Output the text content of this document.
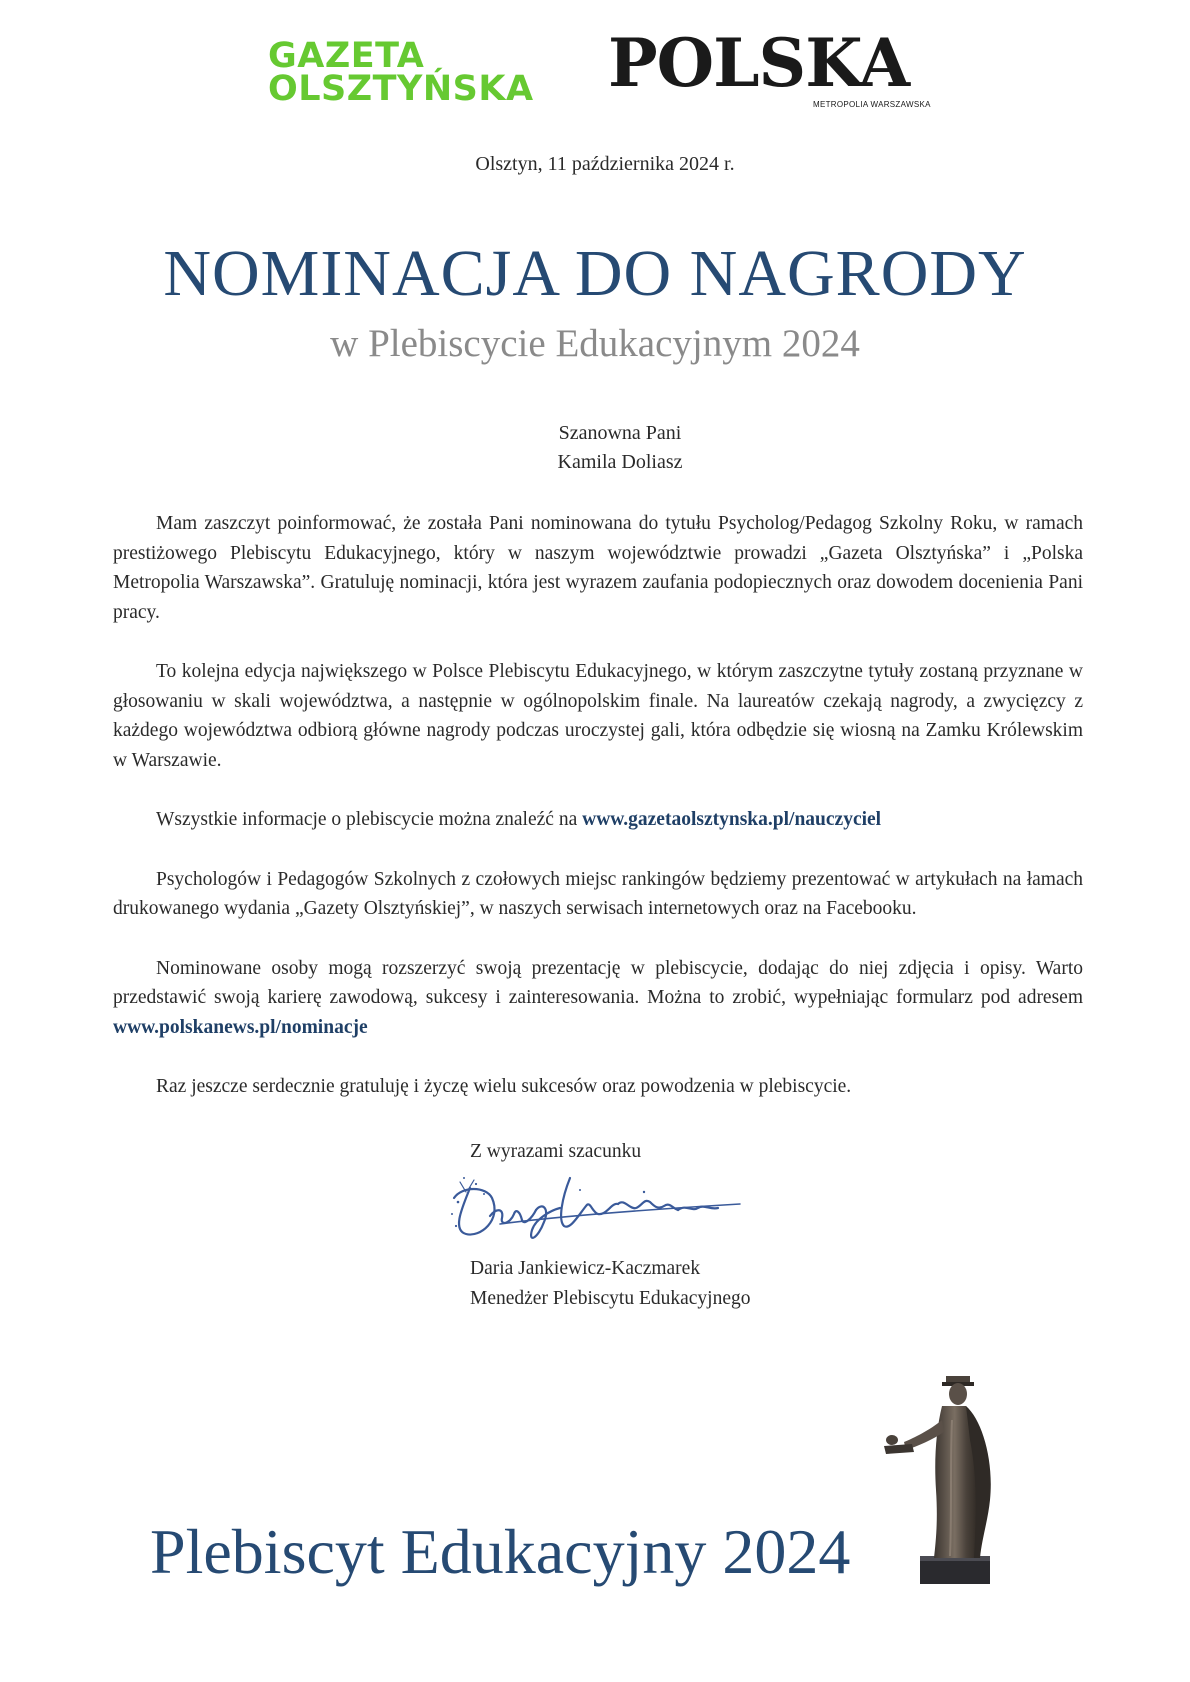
GAZETA
OLSZTYŃSKA POLSKA
METROPOLIA WARSZAWSKA
Olsztyn, 11 października 2024 r.
NOMINACJA DO NAGRODY
w Plebiscycie Edukacyjnym 2024
Szanowna Pani
Kamila Doliasz

Mam zaszczyt poinformować, że została Pani nominowana do tytułu Psycholog/Pedagog Szkolny Roku, w ramach prestiżowego Plebiscytu Edukacyjnego, który w naszym województwie prowadzi „Gazeta Olsztyńska” i „Polska Metropolia Warszawska”. Gratuluję nominacji, która jest wyrazem zaufania podopiecznych oraz dowodem docenienia Pani pracy.

To kolejna edycja największego w Polsce Plebiscytu Edukacyjnego, w którym zaszczytne tytuły zostaną przyznane w głosowaniu w skali województwa, a następnie w ogólnopolskim finale. Na laureatów czekają nagrody, a zwycięzcy z każdego województwa odbiorą główne nagrody podczas uroczystej gali, która odbędzie się wiosną na Zamku Królewskim w Warszawie.

Wszystkie informacje o plebiscycie można znaleźć na www.gazetaolsztynska.pl/nauczyciel

Psychologów i Pedagogów Szkolnych z czołowych miejsc rankingów będziemy prezentować w artykułach na łamach drukowanego wydania „Gazety Olsztyńskiej”, w naszych serwisach internetowych oraz na Facebooku.

Nominowane osoby mogą rozszerzyć swoją prezentację w plebiscycie, dodając do niej zdjęcia i opisy. Warto przedstawić swoją karierę zawodową, sukcesy i zainteresowania. Można to zrobić, wypełniając formularz pod adresem www.polskanews.pl/nominacje

Raz jeszcze serdecznie gratuluję i życzę wielu sukcesów oraz powodzenia w plebiscycie.

Z wyrazami szacunku
Daria Jankiewicz-Kaczmarek
Menedżer Plebiscytu Edukacyjnego
Plebiscyt Edukacyjny 2024
